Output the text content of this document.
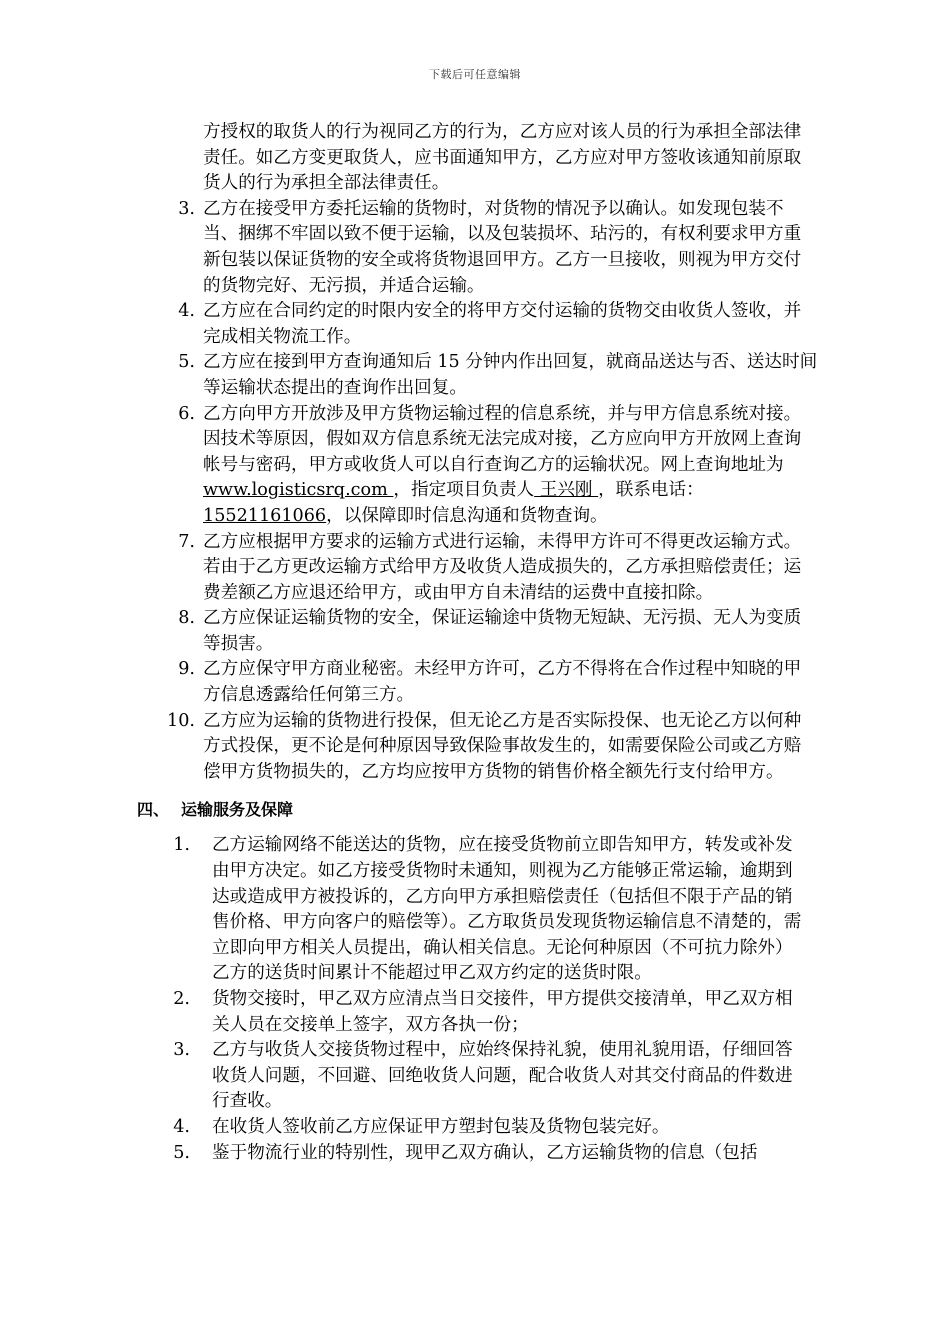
下载后可任意编辑

方授权的取货人的行为视同乙方的行为，乙方应对该人员的行为承担全部法律责任。如乙方变更取货人，应书面通知甲方，乙方应对甲方签收该通知前原取货人的行为承担全部法律责任。

3. 乙方在接受甲方委托运输的货物时，对货物的情况予以确认。如发现包装不当、捆绑不牢固以致不便于运输，以及包装损坏、玷污的，有权利要求甲方重新包装以保证货物的安全或将货物退回甲方。乙方一旦接收，则视为甲方交付的货物完好、无污损，并适合运输。
4. 乙方应在合同约定的时限内安全的将甲方交付运输的货物交由收货人签收，并完成相关物流工作。
5. 乙方应在接到甲方查询通知后 15 分钟内作出回复，就商品送达与否、送达时间等运输状态提出的查询作出回复。
6. 乙方向甲方开放涉及甲方货物运输过程的信息系统，并与甲方信息系统对接。因技术等原因，假如双方信息系统无法完成对接，乙方应向甲方开放网上查询帐号与密码，甲方或收货人可以自行查询乙方的运输状况。网上查询地址为 www.logisticsrq.com ，指定项目负责人 王兴刚 ，联系电话：15521161066，以保障即时信息沟通和货物查询。
7. 乙方应根据甲方要求的运输方式进行运输，未得甲方许可不得更改运输方式。若由于乙方更改运输方式给甲方及收货人造成损失的，乙方承担赔偿责任；运费差额乙方应退还给甲方，或由甲方自未清结的运费中直接扣除。
8. 乙方应保证运输货物的安全，保证运输途中货物无短缺、无污损、无人为变质等损害。
9. 乙方应保守甲方商业秘密。未经甲方许可，乙方不得将在合作过程中知晓的甲方信息透露给任何第三方。
10. 乙方应为运输的货物进行投保，但无论乙方是否实际投保、也无论乙方以何种方式投保，更不论是何种原因导致保险事故发生的，如需要保险公司或乙方赔偿甲方货物损失的，乙方均应按甲方货物的销售价格全额先行支付给甲方。
四、 运输服务及保障
1. 乙方运输网络不能送达的货物，应在接受货物前立即告知甲方，转发或补发由甲方决定。如乙方接受货物时未通知，则视为乙方能够正常运输，逾期到达或造成甲方被投诉的，乙方向甲方承担赔偿责任（包括但不限于产品的销售价格、甲方向客户的赔偿等）。乙方取货员发现货物运输信息不清楚的，需立即向甲方相关人员提出，确认相关信息。无论何种原因（不可抗力除外）乙方的送货时间累计不能超过甲乙双方约定的送货时限。
2. 货物交接时，甲乙双方应清点当日交接件，甲方提供交接清单，甲乙双方相关人员在交接单上签字，双方各执一份；
3. 乙方与收货人交接货物过程中，应始终保持礼貌，使用礼貌用语，仔细回答收货人问题，不回避、回绝收货人问题，配合收货人对其交付商品的件数进行查收。
4. 在收货人签收前乙方应保证甲方塑封包装及货物包装完好。
5. 鉴于物流行业的特别性，现甲乙双方确认，乙方运输货物的信息（包括
